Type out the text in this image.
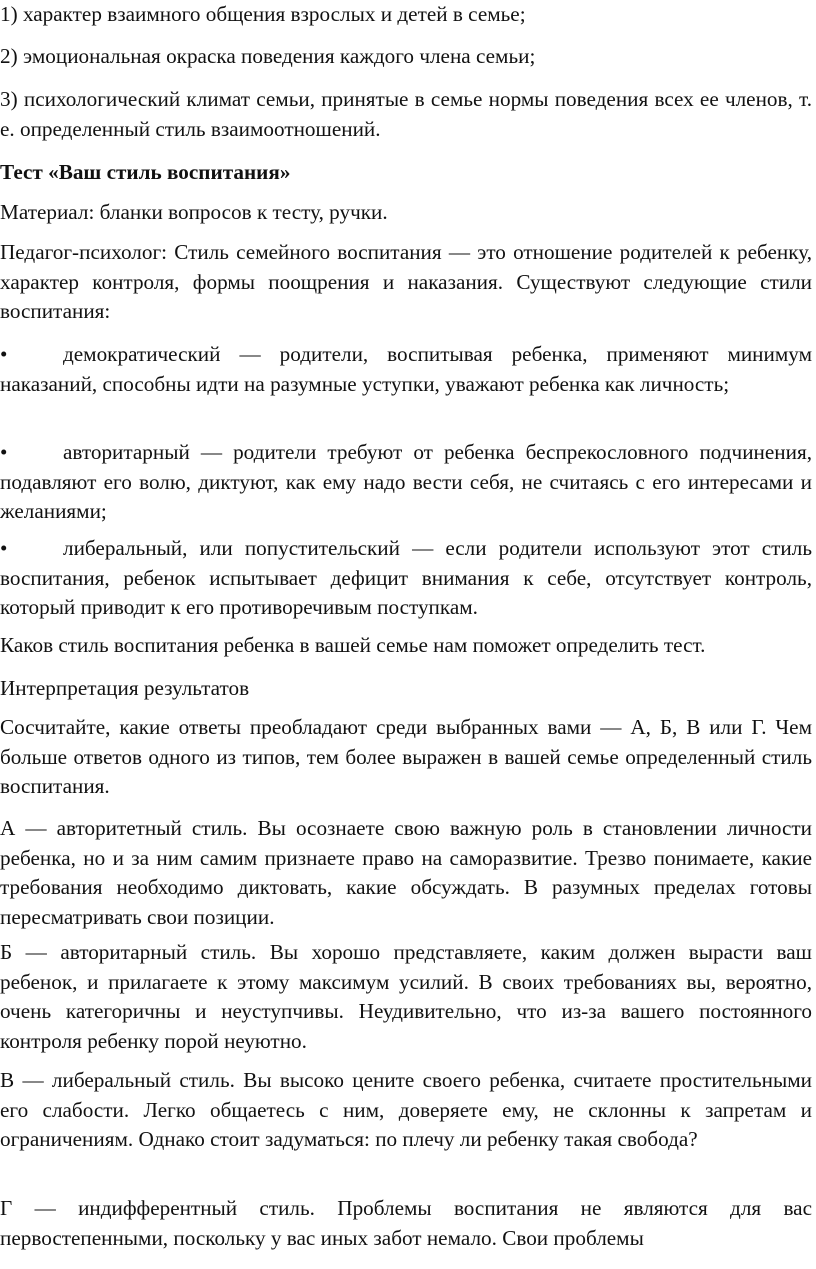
1) характер взаимного общения взрослых и детей в семье;

2) эмоциональная окраска поведения каждого члена семьи;

3) психологический климат семьи, принятые в семье нормы поведения всех ее членов, т. е. определенный стиль взаимоотношений.

Тест «Ваш стиль воспитания»

Материал: бланки вопросов к тесту, ручки.

Педагог-психолог: Стиль семейного воспитания — это отношение родителей к ребенку, характер контроля, формы поощрения и наказания. Существуют следующие стили воспитания:

•	демократический — родители, воспитывая ребенка, применяют минимум наказаний, способны идти на разумные уступки, уважают ребенка как личность;

•	авторитарный — родители требуют от ребенка беспрекословного подчинения, подавляют его волю, диктуют, как ему надо вести себя, не считаясь с его интересами и желаниями;

•	либеральный, или попустительский — если родители используют этот стиль воспитания, ребенок испытывает дефицит внимания к себе, отсутствует контроль, который приводит к его противоречивым поступкам.

Каков стиль воспитания ребенка в вашей семье нам поможет определить тест.

Интерпретация результатов

Сосчитайте, какие ответы преобладают среди выбранных вами — А, Б, В или Г. Чем больше ответов одного из типов, тем более выражен в вашей семье определенный стиль воспитания.

А — авторитетный стиль. Вы осознаете свою важную роль в становлении личности ребенка, но и за ним самим признаете право на саморазвитие. Трезво понимаете, какие требования необходимо диктовать, какие обсуждать. В разумных пределах готовы пересматривать свои позиции.

Б — авторитарный стиль. Вы хорошо представляете, каким должен вырасти ваш ребенок, и прилагаете к этому максимум усилий. В своих требованиях вы, вероятно, очень категоричны и неуступчивы. Неудивительно, что из-за вашего постоянного контроля ребенку порой неуютно.

В — либеральный стиль. Вы высоко цените своего ребенка, считаете простительными его слабости. Легко общаетесь с ним, доверяете ему, не склонны к запретам и ограничениям. Однако стоит задуматься: по плечу ли ребенку такая свобода?

Г — индифферентный стиль. Проблемы воспитания не являются для вас первостепенными, поскольку у вас иных забот немало. Свои проблемы
